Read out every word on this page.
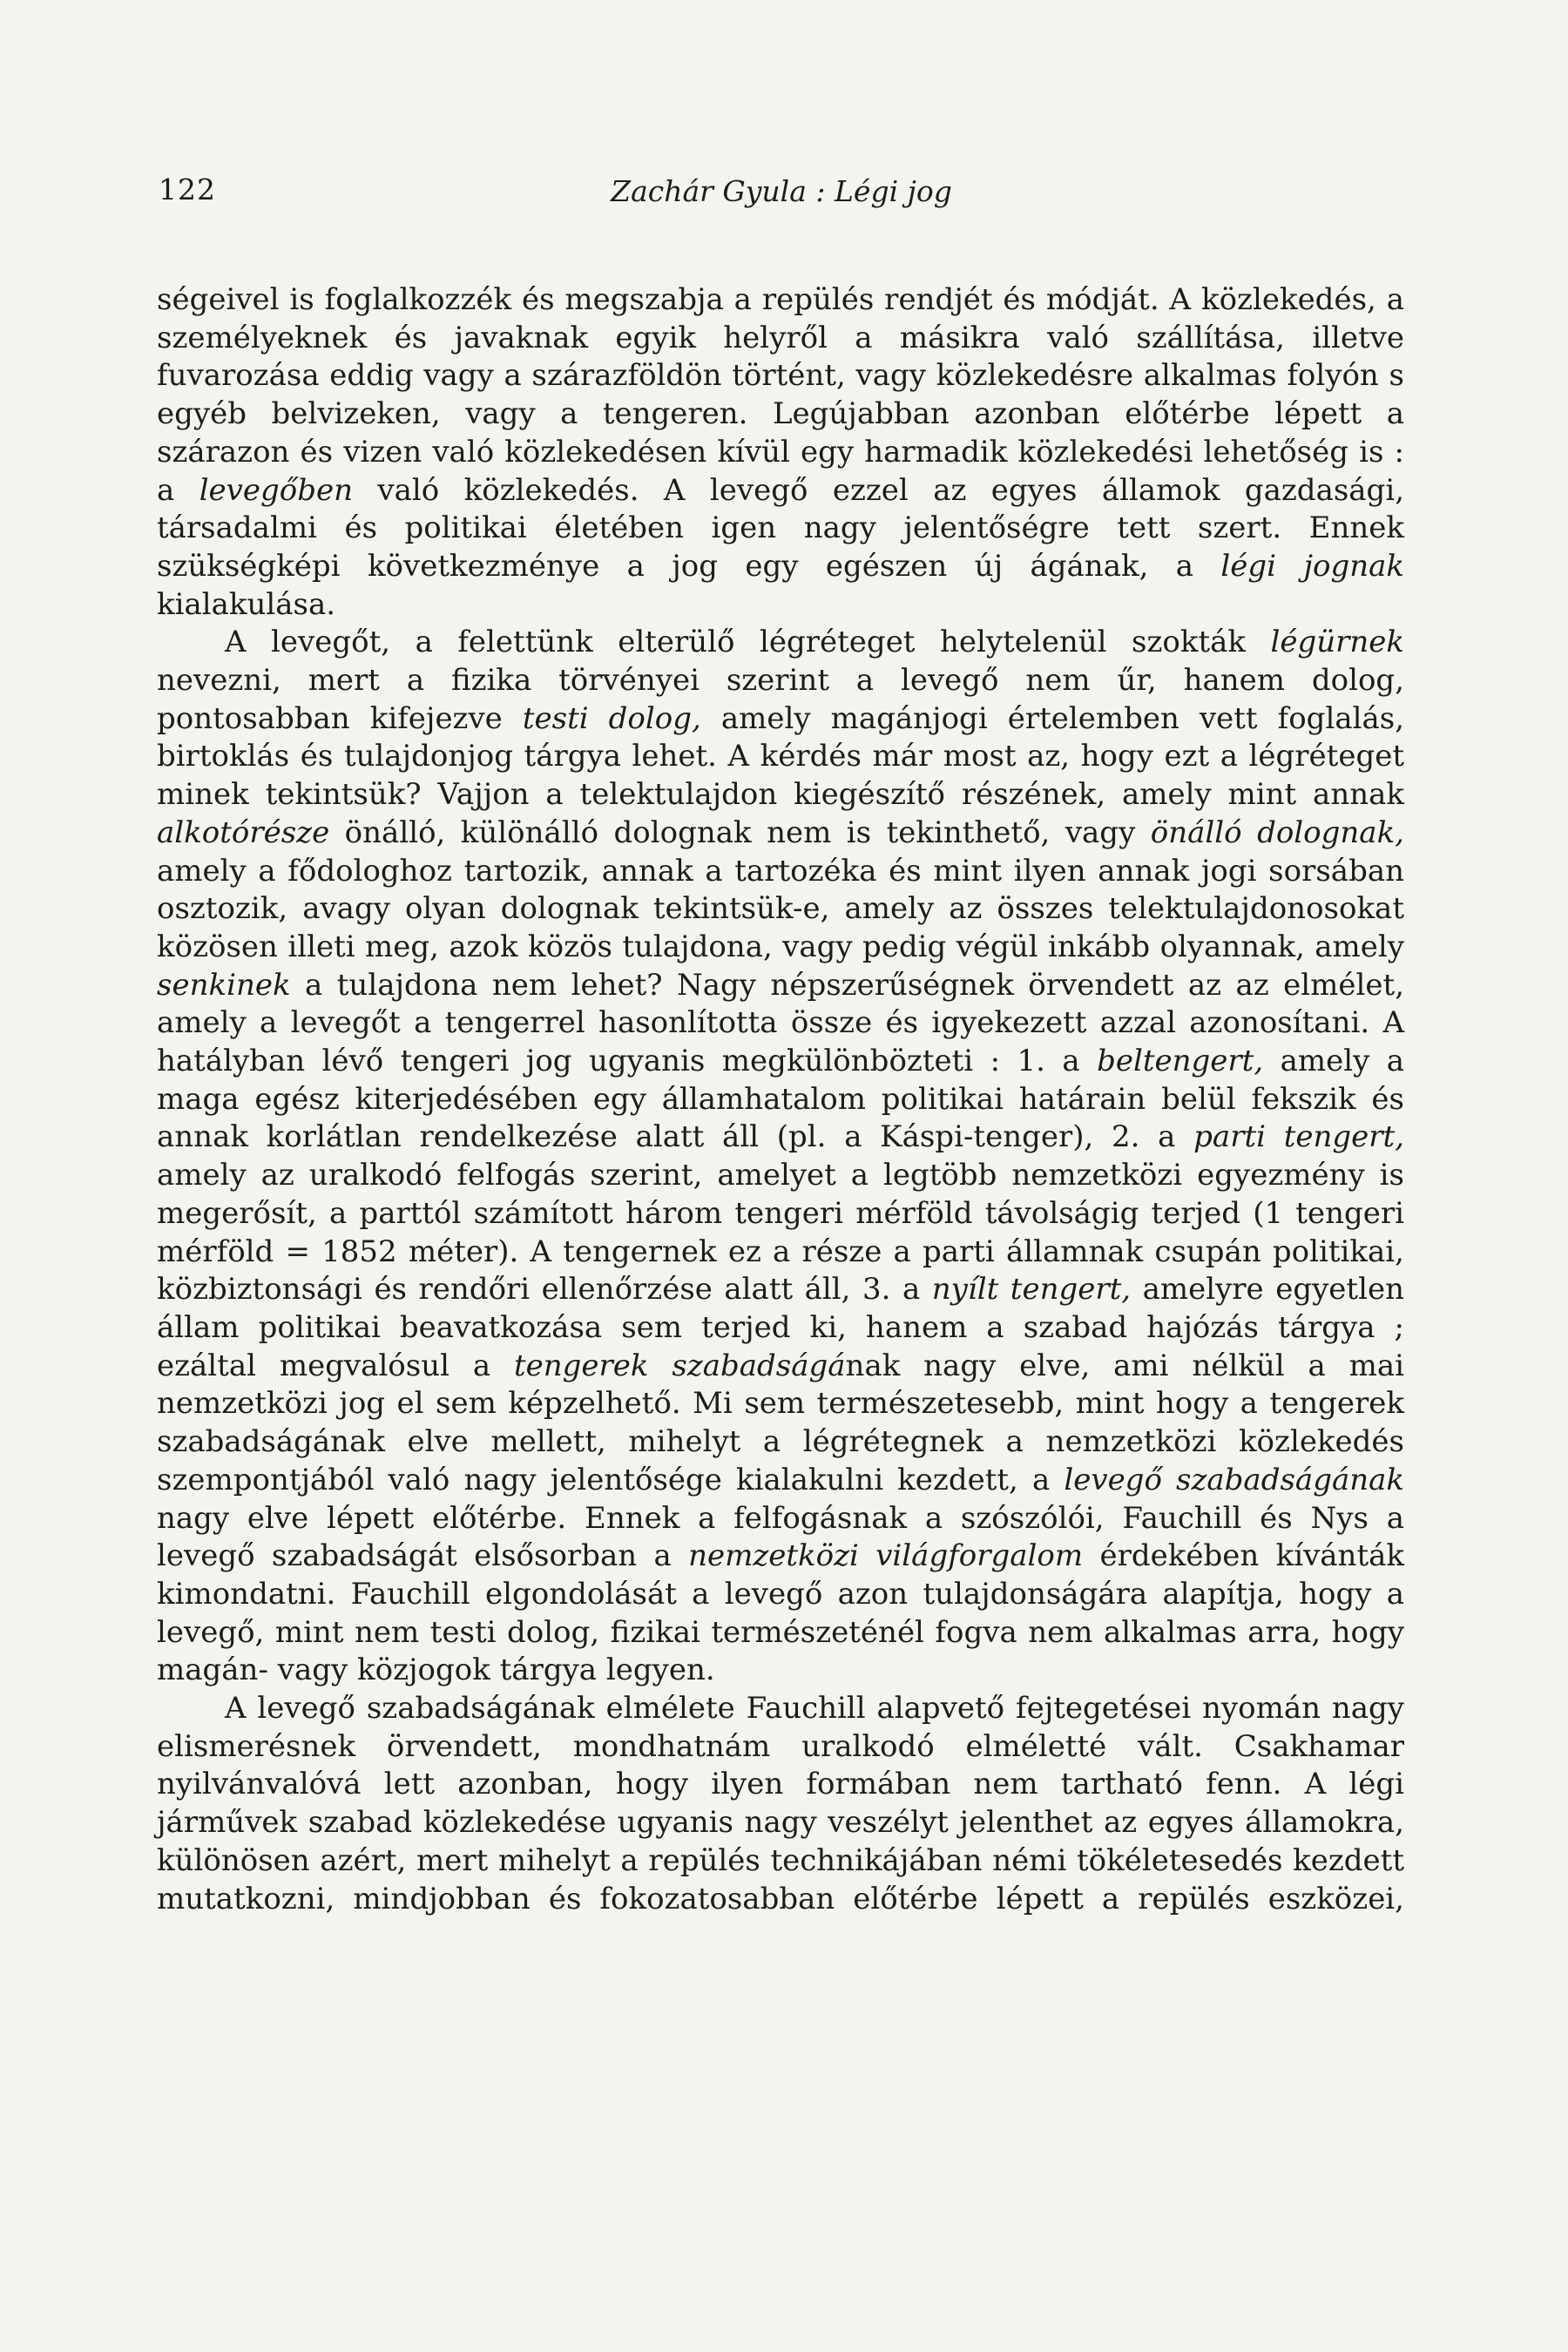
122	Zachár Gyula : Légi jog

ségeivel is foglalkozzék és megszabja a repülés rendjét és módját. A közlekedés, a személyeknek és javaknak egyik helyről a másikra való szállítása, illetve fuvarozása eddig vagy a szárazföldön történt, vagy közlekedésre alkalmas folyón s egyéb belvizeken, vagy a tengeren. Legújabban azonban előtérbe lépett a szárazon és vizen való közlekedésen kívül egy harmadik közlekedési lehetőség is : a levegőben való közlekedés. A levegő ezzel az egyes államok gazdasági, társadalmi és politikai életében igen nagy jelentőségre tett szert. Ennek szükségképi következménye a jog egy egészen új ágának, a légi jognak kialakulása.

A levegőt, a felettünk elterülő légréteget helytelenül szokták légürnek nevezni, mert a fizika törvényei szerint a levegő nem űr, hanem dolog, pontosabban kifejezve testi dolog, amely magánjogi értelemben vett foglalás, birtoklás és tulajdonjog tárgya lehet. A kérdés már most az, hogy ezt a légréteget minek tekintsük? Vajjon a telektulajdon kiegészítő részének, amely mint annak alkotórésze önálló, különálló dolognak nem is tekinthető, vagy önálló dolognak, amely a fődologhoz tartozik, annak a tartozéka és mint ilyen annak jogi sorsában osztozik, avagy olyan dolognak tekintsük-e, amely az összes telektulajdonosokat közösen illeti meg, azok közös tulajdona, vagy pedig végül inkább olyannak, amely senkinek a tulajdona nem lehet? Nagy népszerűségnek örvendett az az elmélet, amely a levegőt a tengerrel hasonlította össze és igyekezett azzal azonosítani. A hatályban lévő tengeri jog ugyanis megkülönbözteti : 1. a beltengert, amely a maga egész kiterjedésében egy államhatalom politikai határain belül fekszik és annak korlátlan rendelkezése alatt áll (pl. a Káspi-tenger), 2. a parti tengert, amely az uralkodó felfogás szerint, amelyet a legtöbb nemzetközi egyezmény is megerősít, a parttól számított három tengeri mérföld távolságig terjed (1 tengeri mérföld = 1852 méter). A tengernek ez a része a parti államnak csupán politikai, közbiztonsági és rendőri ellenőrzése alatt áll, 3. a nyílt tengert, amelyre egyetlen állam politikai beavatkozása sem terjed ki, hanem a szabad hajózás tárgya ; ezáltal megvalósul a tengerek szabadságának nagy elve, ami nélkül a mai nemzetközi jog el sem képzelhető. Mi sem természetesebb, mint hogy a tengerek szabadságának elve mellett, mihelyt a légrétegnek a nemzetközi közlekedés szempontjából való nagy jelentősége kialakulni kezdett, a levegő szabadságának nagy elve lépett előtérbe. Ennek a felfogásnak a szószólói, Fauchill és Nys a levegő szabadságát elsősorban a nemzetközi világforgalom érdekében kívánták kimondatni. Fauchill elgondolását a levegő azon tulajdonságára alapítja, hogy a levegő, mint nem testi dolog, fizikai természeténél fogva nem alkalmas arra, hogy magán- vagy közjogok tárgya legyen.

A levegő szabadságának elmélete Fauchill alapvető fejtegetései nyomán nagy elismerésnek örvendett, mondhatnám uralkodó elméletté vált. Csakhamar nyilvánvalóvá lett azonban, hogy ilyen formában nem tartható fenn. A légi járművek szabad közlekedése ugyanis nagy veszélyt jelenthet az egyes államokra, különösen azért, mert mihelyt a repülés technikájában némi tökéletesedés kezdett mutatkozni, mindjobban és fokozatosabban előtérbe lépett a repülés eszközei,
